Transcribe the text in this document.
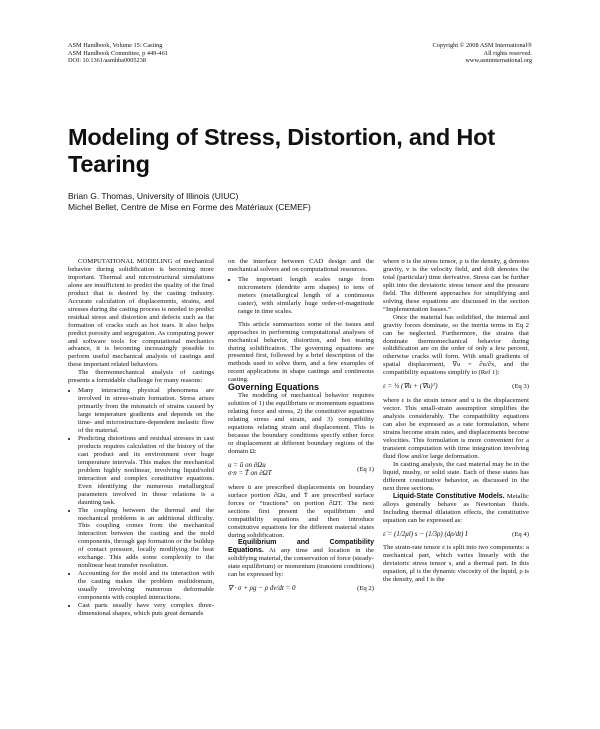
ASM Handbook, Volume 15: Casting
ASM Handbook Committee, p 449-461
DOI: 10.1361/asmhba0005238
Copyright © 2008 ASM International®
All rights reserved.
www.asminternational.org
Modeling of Stress, Distortion, and Hot Tearing
Brian G. Thomas, University of Illinois (UIUC)
Michel Bellet, Centre de Mise en Forme des Matériaux (CEMEF)

COMPUTATIONAL MODELING of mechanical behavior during solidification is becoming more important. Thermal and microstructural simulations alone are insufficient to predict the quality of the final product that is desired by the casting industry. Accurate calculation of displacements, strains, and stresses during the casting process is needed to predict residual stress and distortion and defects such as the formation of cracks such as hot tears. It also helps predict porosity and segregation. As computing power and software tools for computational mechanics advance, it is becoming increasingly possible to perform useful mechanical analysis of castings and these important related behaviors.

The thermomechanical analysis of castings presents a formidable challenge for many reasons:

• Many interacting physical phenomena are involved in stress-strain formation. Stress arises primarily from the mismatch of strains caused by large temperature gradients and depends on the time- and microstructure-dependent inelastic flow of the material.
• Predicting distortions and residual stresses in cast products requires calculation of the history of the cast product and its environment over huge temperature intervals. This makes the mechanical problem highly nonlinear, involving liquid/solid interaction and complex constitutive equations. Even identifying the numerous metallurgical parameters involved in those relations is a daunting task.
• The coupling between the thermal and the mechanical problems is an additional difficulty. This coupling comes from the mechanical interaction between the casting and the mold components, through gap formation or the buildup of contact pressure, locally modifying the heat exchange. This adds some complexity to the nonlinear heat transfer resolution.
• Accounting for the mold and its interaction with the casting makes the problem multidomain, usually involving numerous deformable components with coupled interactions.
• Cast parts usually have very complex three-dimensional shapes, which puts great demands

on the interface between CAD design and the mechanical solvers and on computational resources.

• The important length scales range from micrometers (dendrite arm shapes) to tens of meters (metallurgical length of a continuous caster), with similarly huge order-of-magnitude range in time scales.

This article summarizes some of the issues and approaches in performing computational analyses of mechanical behavior, distortion, and hot tearing during solidification. The governing equations are presented first, followed by a brief description of the methods used to solve them, and a few examples of recent applications in shape castings and continuous casting.

Governing Equations

The modeling of mechanical behavior requires solution of 1) the equilibrium or momentum equations relating force and stress, 2) the constitutive equations relating stress and strain, and 3) compatibility equations relating strain and displacement. This is because the boundary conditions specify either force or displacement at different boundary regions of the domain Ω:

u = ū on ∂Ωu
σ·n = T̄ on ∂ΩT	(Eq 1)

where ū are prescribed displacements on boundary surface portion ∂Ωu, and T̄ are prescribed surface forces or “tractions” on portion ∂ΩT. The next sections first present the equilibrium and compatibility equations and then introduce constitutive equations for the different material states during solidification.

Equilibrium and Compatibility Equations. At any time and location in the solidifying material, the conservation of force (steady-state equilibrium) or momentum (transient conditions) can be expressed by:

∇ · σ + ρg − ρ dv/dt = 0	(Eq 2)

where σ is the stress tensor, ρ is the density, g denotes gravity, v is the velocity field, and d/dt denotes the total (particular) time derivative. Stress can be further split into the deviatoric stress tensor and the pressure field. The different approaches for simplifying and solving these equations are discussed in the section “Implementation Issues.”

Once the material has solidified, the internal and gravity forces dominate, so the inertia terms in Eq 2 can be neglected. Furthermore, the strains that dominate thermomechanical behavior during solidification are on the order of only a few percent, otherwise cracks will form. With small gradients of spatial displacement, ∇u = ∂u/∂x, and the compatibility equations simplify to (Ref 1):

ε = ½ (∇u + (∇u)ᵀ)	(Eq 3)

where ε is the strain tensor and u is the displacement vector. This small-strain assumption simplifies the analysis considerably. The compatibility equations can also be expressed as a rate formulation, where strains become strain rates, and displacements become velocities. This formulation is more convenient for a transient computation with time integration involving fluid flow and/or large deformation.

In casting analysis, the cast material may be in the liquid, mushy, or solid state. Each of these states has different constitutive behavior, as discussed in the next three sections.

Liquid-State Constitutive Models. Metallic alloys generally behave as Newtonian fluids. Including thermal dilatation effects, the constitutive equation can be expressed as:

ε̇ = (1/2μl) s − (1/3ρ) (dρ/dt) I	(Eq 4)

The strain-rate tensor ε̇ is split into two components: a mechanical part, which varies linearly with the deviatoric stress tensor s, and a thermal part. In this equation, μl is the dynamic viscosity of the liquid, ρ is the density, and I is the
